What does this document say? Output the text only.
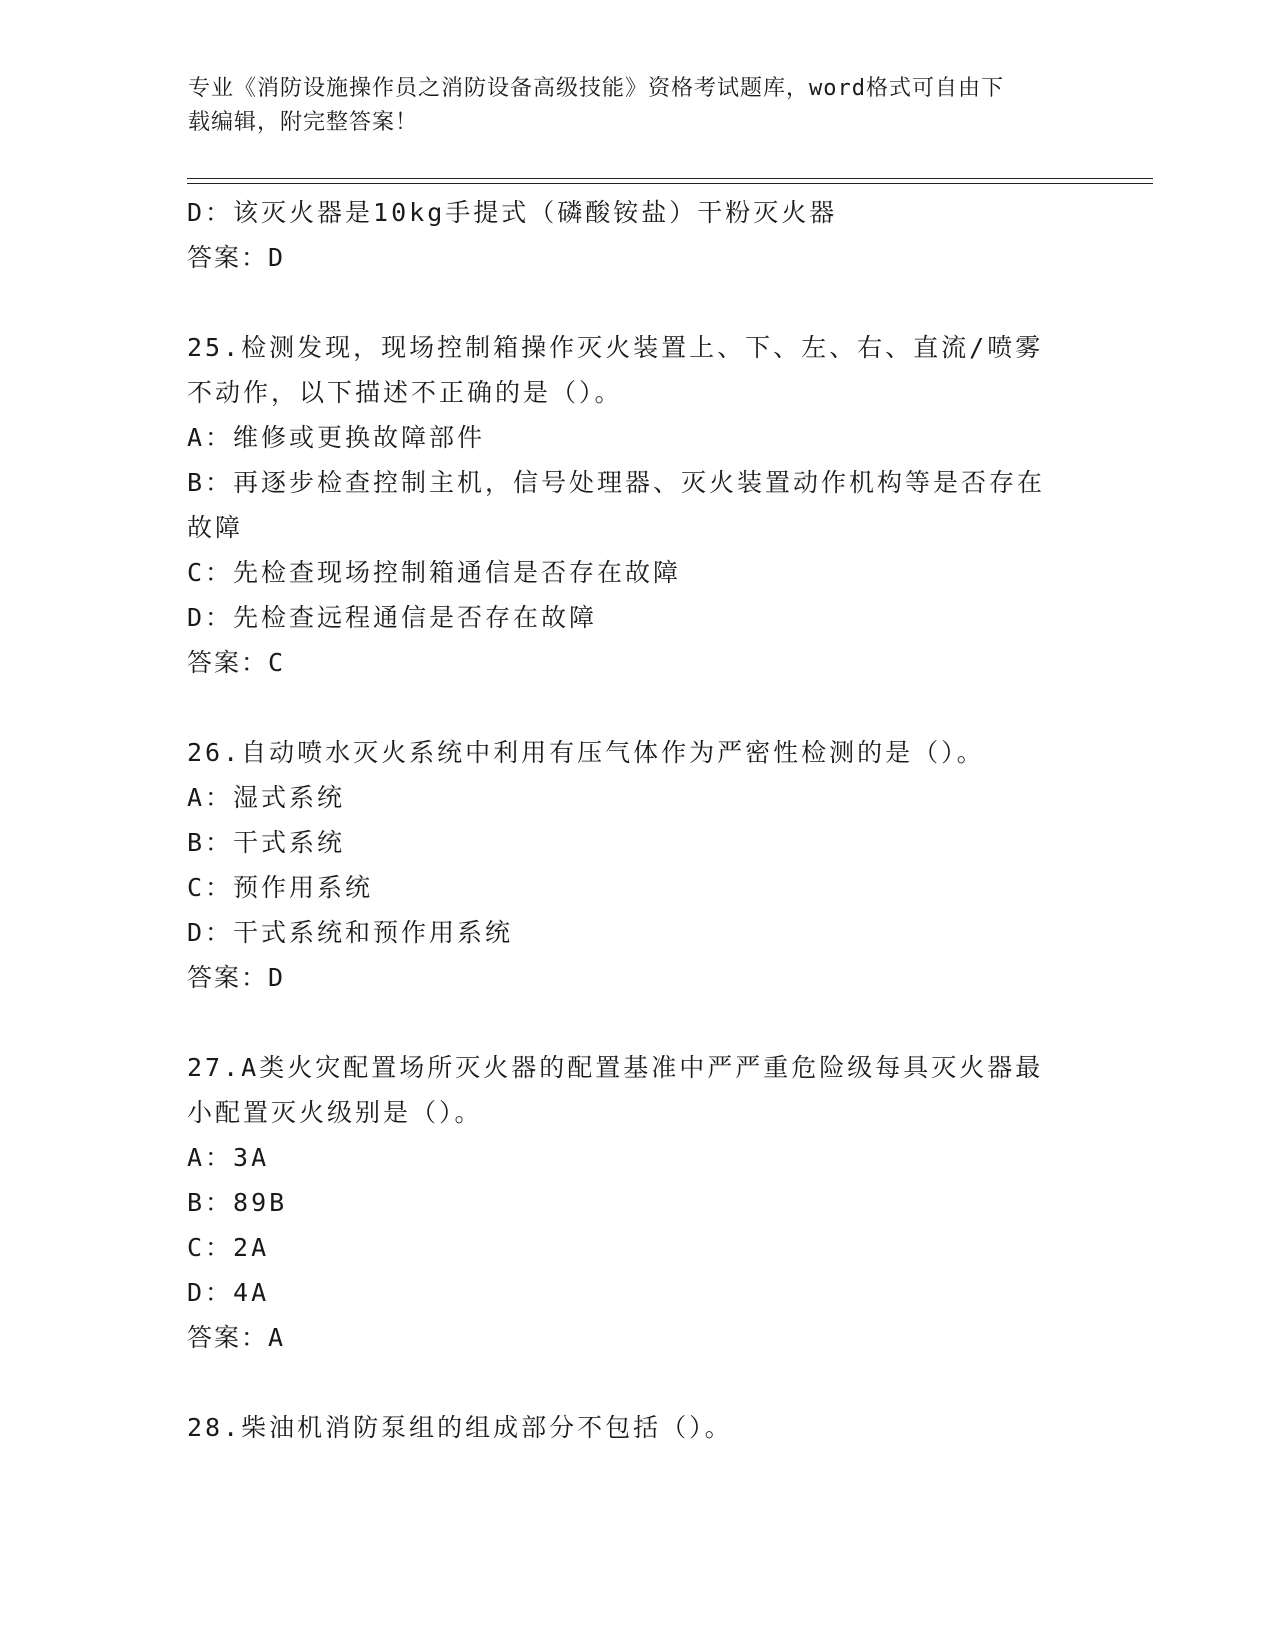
专业《消防设施操作员之消防设备高级技能》资格考试题库，word格式可自由下
载编辑，附完整答案！
D：该灭火器是10kg手提式（磷酸铵盐）干粉灭火器
答案：D
25.检测发现，现场控制箱操作灭火装置上、下、左、右、直流/喷雾
不动作，以下描述不正确的是（）。
A：维修或更换故障部件
B：再逐步检查控制主机，信号处理器、灭火装置动作机构等是否存在
故障
C：先检查现场控制箱通信是否存在故障
D：先检查远程通信是否存在故障
答案：C
26.自动喷水灭火系统中利用有压气体作为严密性检测的是（）。
A：湿式系统
B：干式系统
C：预作用系统
D：干式系统和预作用系统
答案：D
27.A类火灾配置场所灭火器的配置基准中严严重危险级每具灭火器最
小配置灭火级别是（）。
A：3A
B：89B
C：2A
D：4A
答案：A
28.柴油机消防泵组的组成部分不包括（）。
